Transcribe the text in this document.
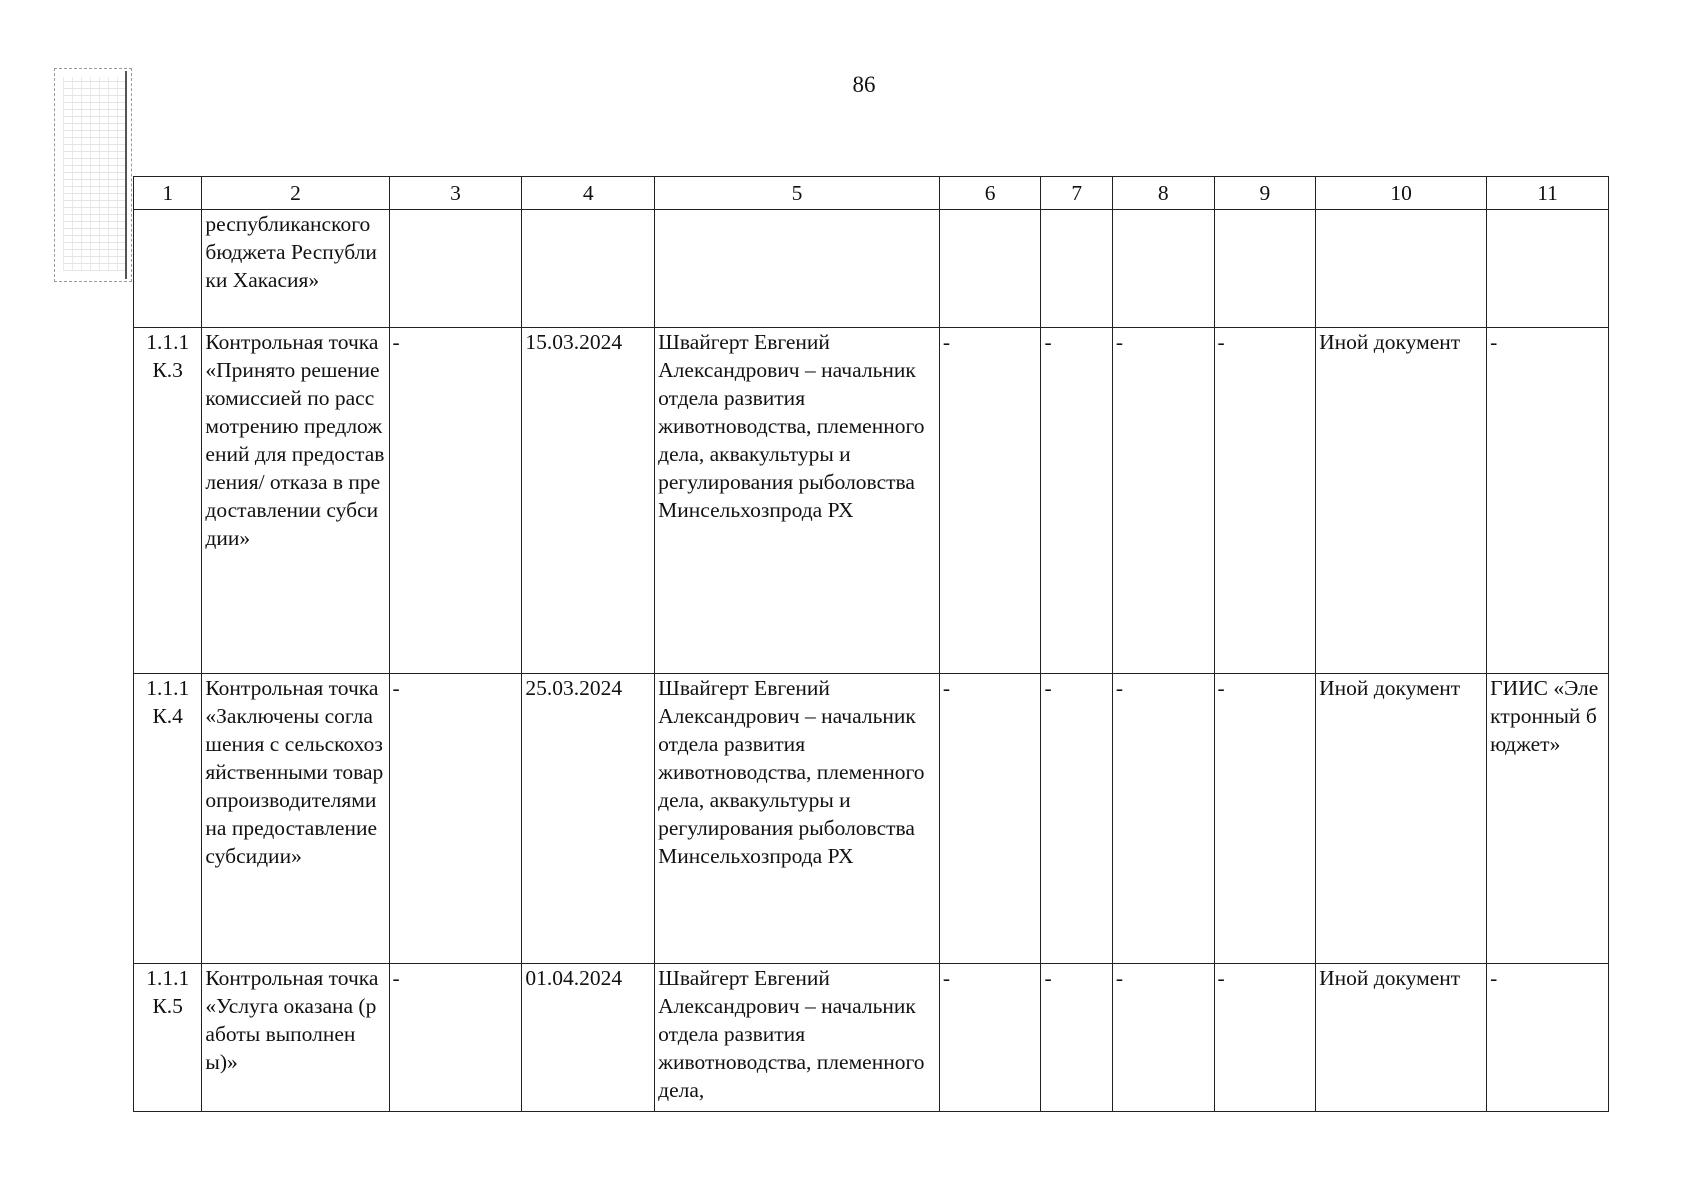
86
1	2	3	4	5	6	7	8	9	10	11
	республиканского бюджета Республики Хакасия»									
1.1.1 К.3	Контрольная точка «Принято решение комиссией по рассмотрению предложений для предоставления/ отказа в предоставлении субсидии»	-	15.03.2024	Швайгерт Евгений Александрович – начальник отдела развития животноводства, племенного дела, аквакультуры и регулирования рыболовства Минсельхозпрода РХ	-	-	-	-	Иной документ	-
1.1.1 К.4	Контрольная точка «Заключены соглашения с сельскохозяйственными товаропроизводителями на предоставление субсидии»	-	25.03.2024	Швайгерт Евгений Александрович – начальник отдела развития животноводства, племенного дела, аквакультуры и регулирования рыболовства Минсельхозпрода РХ	-	-	-	-	Иной документ	ГИИС «Электронный бюджет»
1.1.1 К.5	Контрольная точка «Услуга оказана (работы выполнены)»	-	01.04.2024	Швайгерт Евгений Александрович – начальник отдела развития животноводства, племенного дела,	-	-	-	-	Иной документ	-
